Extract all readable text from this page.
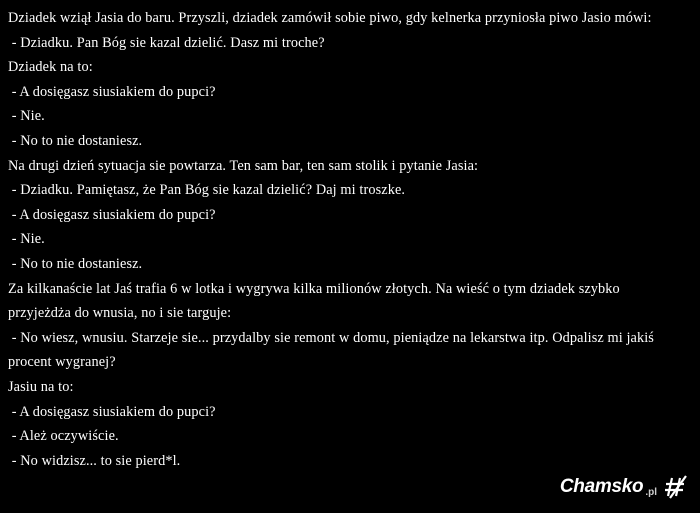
Dziadek wziął Jasia do baru. Przyszli, dziadek zamówił sobie piwo, gdy kelnerka przyniosła piwo Jasio mówi:
- Dziadku. Pan Bóg sie kazal dzielić. Dasz mi troche?
Dziadek na to:
- A dosięgasz siusiakiem do pupci?
- Nie.
- No to nie dostaniesz.
Na drugi dzień sytuacja sie powtarza. Ten sam bar, ten sam stolik i pytanie Jasia:
- Dziadku. Pamiętasz, że Pan Bóg sie kazal dzielić? Daj mi troszke.
- A dosięgasz siusiakiem do pupci?
- Nie.
- No to nie dostaniesz.
Za kilkanaście lat Jaś trafia 6 w lotka i wygrywa kilka milionów złotych. Na wieść o tym dziadek szybko
przyjeżdża do wnusia, no i sie targuje:
- No wiesz, wnusiu. Starzeje sie... przydalby sie remont w domu, pieniądze na lekarstwa itp. Odpalisz mi jakiś
procent wygranej?
Jasiu na to:
- A dosięgasz siusiakiem do pupci?
- Ależ oczywiście.
- No widzisz... to sie pierd*l.
Chamsko .pl
